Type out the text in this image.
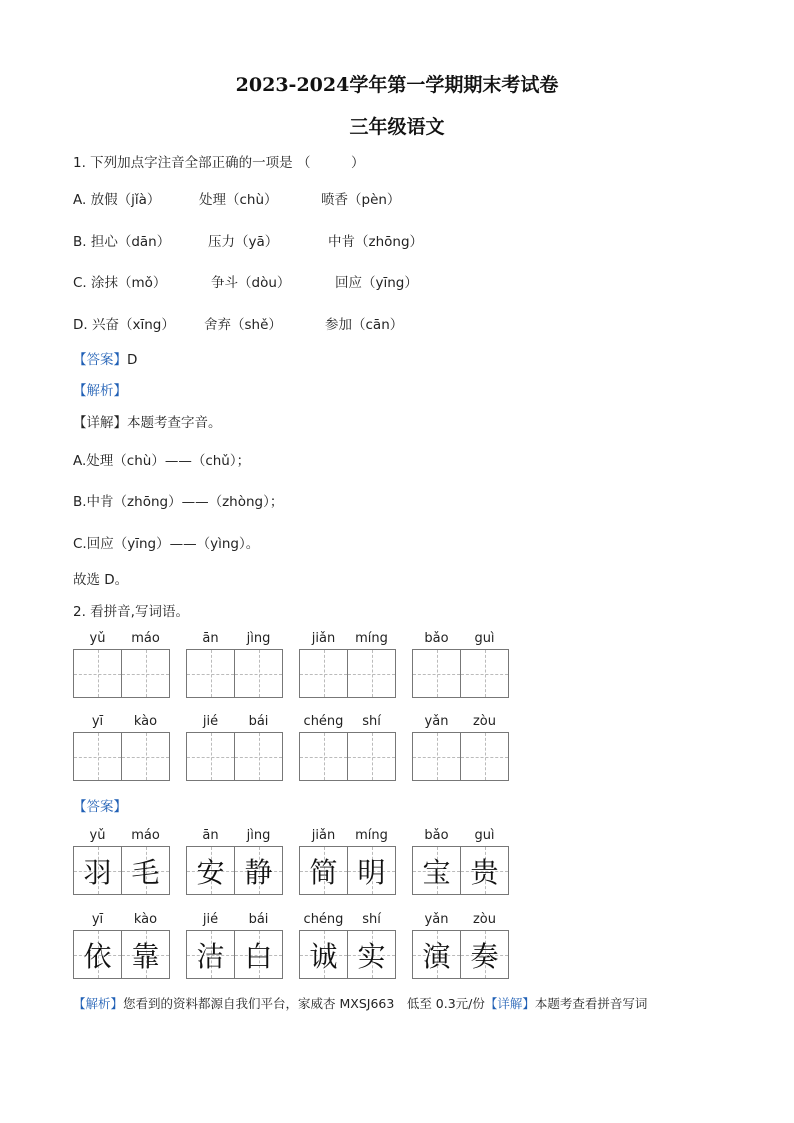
2023-2024学年第一学期期末考试卷
三年级语文
1. 下列加点字注音全部正确的一项是 （　　　）
A. 放假（jǐà）	处理（chù）	喷香（pèn）
B. 担心（dān）	压力（yā）	中肯（zhōng）
C. 涂抹（mǒ）	争斗（dòu）	回应（yīng）
D. 兴奋（xīng） 舍弃（shě）	参加（cān）
【答案】D
【解析】
【详解】本题考查字音。
A.处理（chù）——（chǔ）；
B.中肯（zhōng）——（zhòng）；
C.回应（yīng）——（yìng）。
故选 D。
2. 看拼音,写词语。
yǔ	máo	ān	jìng	jiǎn	míng	bǎo	guì
yī	kào	jié	bái	chéng	shí	yǎn	zòu
【答案】
yǔ	máo
羽 毛
ān	jìng
安 静
jiǎn	míng
简 明
bǎo	guì
宝 贵
yī	kào
依 靠
jié	bái
洁 白
chéng	shí
诚 实
yǎn	zòu
演 奏
【解析】您看到的资料都源自我们平台，家威杏 MXSJ663　低至 0.3元/份【详解】本题考查看拼音写词
